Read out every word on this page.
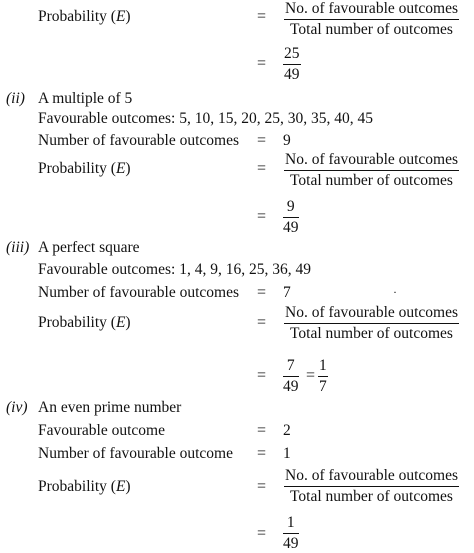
Probability (E)	= No. of favourable outcomes
Total number of outcomes
= $\frac{25}{49}$
(ii) A multiple of 5
Favourable outcomes: 5, 10, 15, 20, 25, 30, 35, 40, 45
Number of favourable outcomes = 9
Probability (E)	=
No. of favourable outcomes
Total number of outcomes
= $\frac{9}{49}$
(iii) A perfect square
Favourable outcomes: 1, 4, 9, 16, 25, 36, 49
Number of favourable outcomes = 7	·
Probability (E)	=
No. of favourable outcomes
Total number of outcomes
= $\frac{7}{49} = \frac{1}{7}$
(iv) An even prime number
Favourable outcome	= 2
Number of favourable outcome = 1
Probability (E)	=
No. of favourable outcomes
Total number of outcomes
= $\frac{1}{49}$
